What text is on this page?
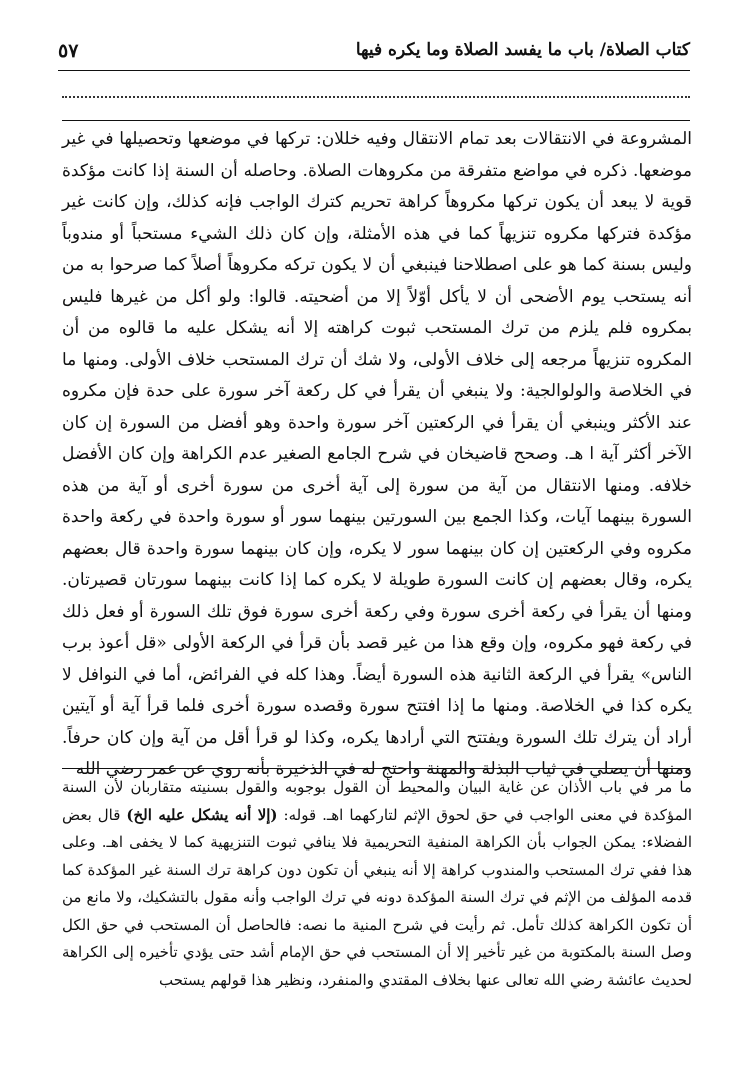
كتاب الصلاة/ باب ما يفسد الصلاة وما يكره فيها
٥٧

المشروعة في الانتقالات بعد تمام الانتقال وفيه خللان: تركها في موضعها وتحصيلها في غير موضعها. ذكره في مواضع متفرقة من مكروهات الصلاة. وحاصله أن السنة إذا كانت مؤكدة قوية لا يبعد أن يكون تركها مكروهاً كراهة تحريم كترك الواجب فإنه كذلك، وإن كانت غير مؤكدة فتركها مكروه تنزيهاً كما في هذه الأمثلة، وإن كان ذلك الشيء مستحباً أو مندوباً وليس بسنة كما هو على اصطلاحنا فينبغي أن لا يكون تركه مكروهاً أصلاً كما صرحوا به من أنه يستحب يوم الأضحى أن لا يأكل أوّلاً إلا من أضحيته. قالوا: ولو أكل من غيرها فليس بمكروه فلم يلزم من ترك المستحب ثبوت كراهته إلا أنه يشكل عليه ما قالوه من أن المكروه تنزيهاً مرجعه إلى خلاف الأولى، ولا شك أن ترك المستحب خلاف الأولى. ومنها ما في الخلاصة والولوالجية: ولا ينبغي أن يقرأ في كل ركعة آخر سورة على حدة فإن مكروه عند الأكثر وينبغي أن يقرأ في الركعتين آخر سورة واحدة وهو أفضل من السورة إن كان الآخر أكثر آية ا هـ. وصحح قاضيخان في شرح الجامع الصغير عدم الكراهة وإن كان الأفضل خلافه. ومنها الانتقال من آية من سورة إلى آية أخرى من سورة أخرى أو آية من هذه السورة بينهما آيات، وكذا الجمع بين السورتين بينهما سور أو سورة واحدة في ركعة واحدة مكروه وفي الركعتين إن كان بينهما سور لا يكره، وإن كان بينهما سورة واحدة قال بعضهم يكره، وقال بعضهم إن كانت السورة طويلة لا يكره كما إذا كانت بينهما سورتان قصيرتان. ومنها أن يقرأ في ركعة أخرى سورة وفي ركعة أخرى سورة فوق تلك السورة أو فعل ذلك في ركعة فهو مكروه، وإن وقع هذا من غير قصد بأن قرأ في الركعة الأولى «قل أعوذ برب الناس» يقرأ في الركعة الثانية هذه السورة أيضاً. وهذا كله في الفرائض، أما في النوافل لا يكره كذا في الخلاصة. ومنها ما إذا افتتح سورة وقصده سورة أخرى فلما قرأ آية أو آيتين أراد أن يترك تلك السورة ويفتتح التي أرادها يكره، وكذا لو قرأ أقل من آية وإن كان حرفاً. ومنها أن يصلي في ثياب البذلة والمهنة واحتج له في الذخيرة بأنه روي عن عمر رضي الله

ما مر في باب الأذان عن غاية البيان والمحيط أن القول بوجوبه والقول بسنيته متقاربان لأن السنة المؤكدة في معنى الواجب في حق لحوق الإثم لتاركهما اهـ. قوله: (إلا أنه يشكل عليه الخ) قال بعض الفضلاء: يمكن الجواب بأن الكراهة المنفية التحريمية فلا ينافي ثبوت التنزيهية كما لا يخفى اهـ. وعلى هذا ففي ترك المستحب والمندوب كراهة إلا أنه ينبغي أن تكون دون كراهة ترك السنة غير المؤكدة كما قدمه المؤلف من الإثم في ترك السنة المؤكدة دونه في ترك الواجب وأنه مقول بالتشكيك، ولا مانع من أن تكون الكراهة كذلك تأمل. ثم رأيت في شرح المنية ما نصه: فالحاصل أن المستحب في حق الكل وصل السنة بالمكتوبة من غير تأخير إلا أن المستحب في حق الإمام أشد حتى يؤدي تأخيره إلى الكراهة لحديث عائشة رضي الله تعالى عنها بخلاف المقتدي والمنفرد، ونظير هذا قولهم يستحب
